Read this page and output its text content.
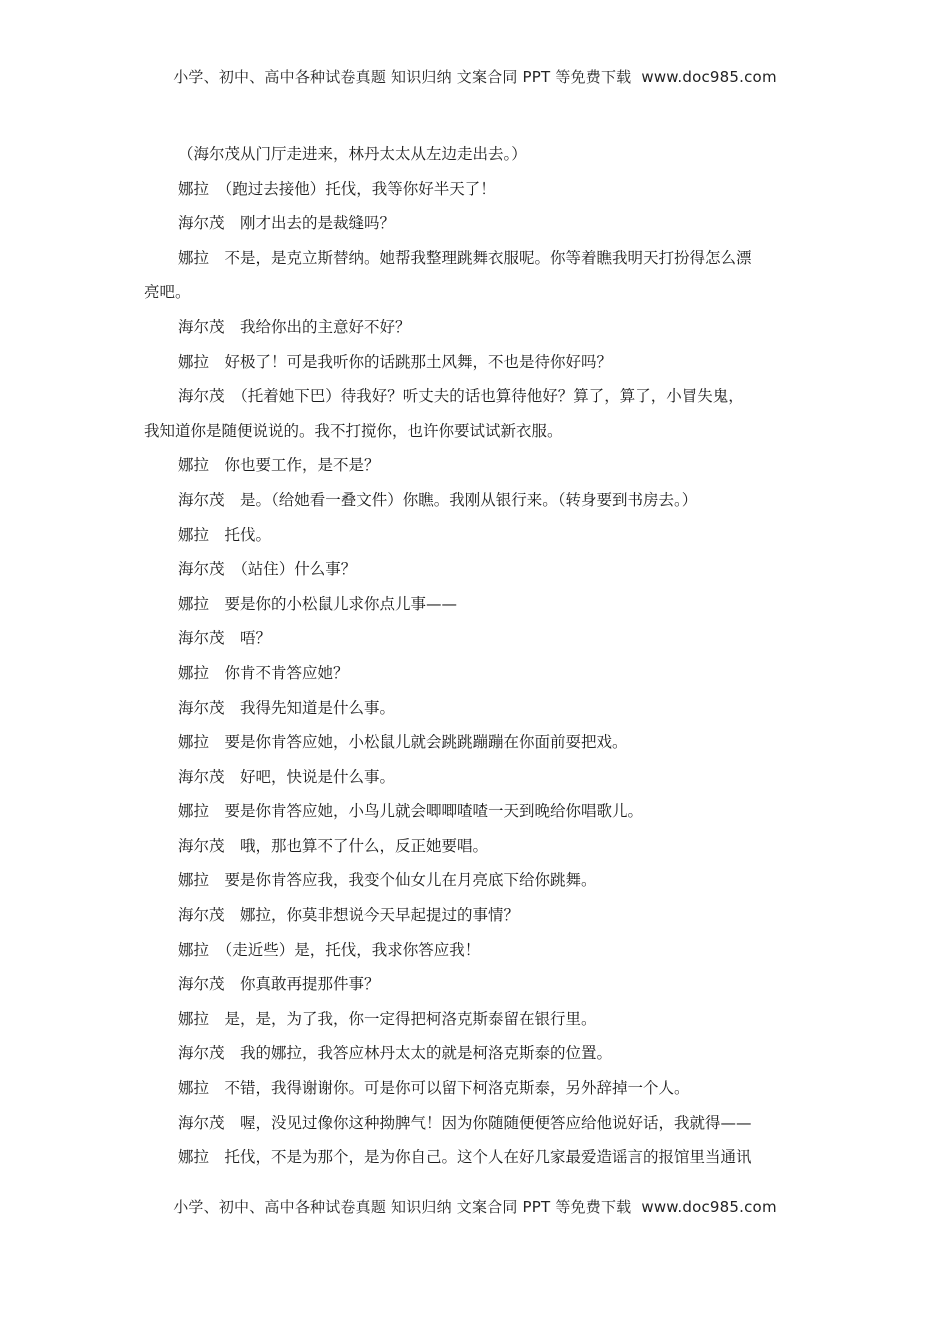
小学、初中、高中各种试卷真题 知识归纳 文案合同 PPT 等免费下载 www.doc985.com
（海尔茂从门厅走进来，林丹太太从左边走出去。）
娜拉　（跑过去接他）托伐，我等你好半天了！
海尔茂　刚才出去的是裁缝吗？
娜拉　不是，是克立斯替纳。她帮我整理跳舞衣服呢。你等着瞧我明天打扮得怎么漂
亮吧。
海尔茂　我给你出的主意好不好？
娜拉　好极了！可是我听你的话跳那土风舞，不也是待你好吗？
海尔茂　（托着她下巴）待我好？听丈夫的话也算待他好？算了，算了，小冒失鬼，
我知道你是随便说说的。我不打搅你，也许你要试试新衣服。
娜拉　你也要工作，是不是？
海尔茂　是。（给她看一叠文件）你瞧。我刚从银行来。（转身要到书房去。）
娜拉　托伐。
海尔茂　（站住）什么事？
娜拉　要是你的小松鼠儿求你点儿事——
海尔茂　唔？
娜拉　你肯不肯答应她？
海尔茂　我得先知道是什么事。
娜拉　要是你肯答应她，小松鼠儿就会跳跳蹦蹦在你面前耍把戏。
海尔茂　好吧，快说是什么事。
娜拉　要是你肯答应她，小鸟儿就会唧唧喳喳一天到晚给你唱歌儿。
海尔茂　哦，那也算不了什么，反正她要唱。
娜拉　要是你肯答应我，我变个仙女儿在月亮底下给你跳舞。
海尔茂　娜拉，你莫非想说今天早起提过的事情？
娜拉　（走近些）是，托伐，我求你答应我！
海尔茂　你真敢再提那件事？
娜拉　是，是，为了我，你一定得把柯洛克斯泰留在银行里。
海尔茂　我的娜拉，我答应林丹太太的就是柯洛克斯泰的位置。
娜拉　不错，我得谢谢你。可是你可以留下柯洛克斯泰，另外辞掉一个人。
海尔茂　喔，没见过像你这种拗脾气！因为你随随便便答应给他说好话，我就得——
娜拉　托伐，不是为那个，是为你自己。这个人在好几家最爱造谣言的报馆里当通讯
小学、初中、高中各种试卷真题 知识归纳 文案合同 PPT 等免费下载 www.doc985.com
